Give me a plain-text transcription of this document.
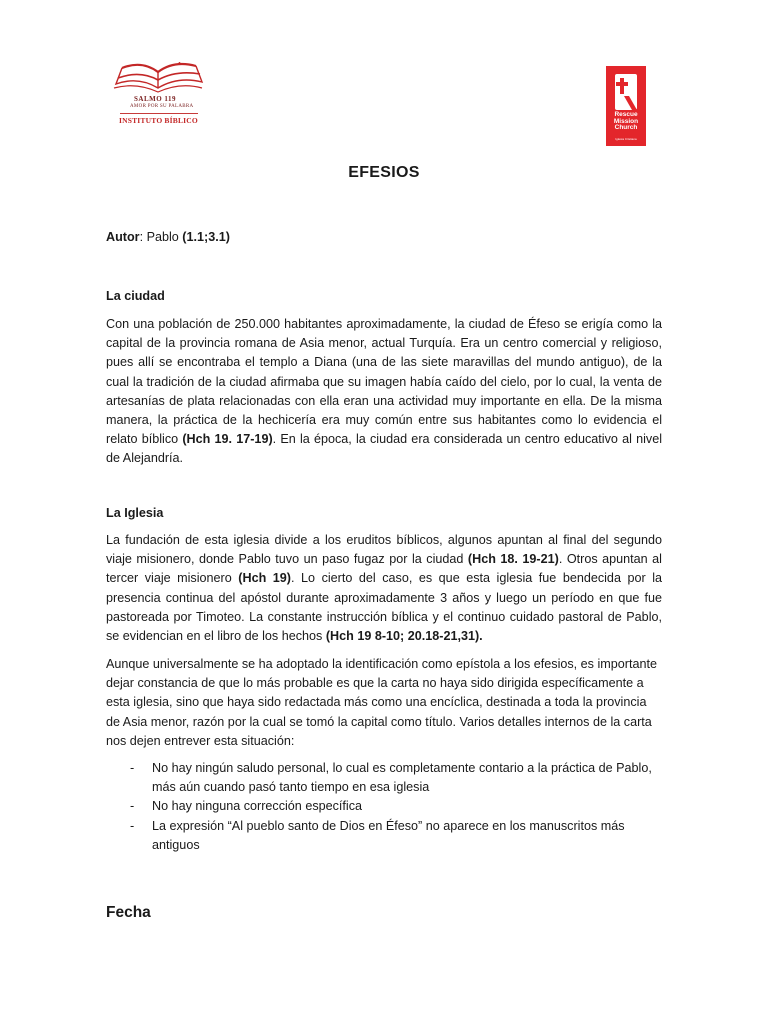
SALMO 119
AMOR POR SU PALABRA
INSTITUTO BÍBLICO
Rescue
Mission
Church
Iglesia Cristiana
EFESIOS
Autor: Pablo (1.1;3.1)
La ciudad
Con una población de 250.000 habitantes aproximadamente, la ciudad de Éfeso se erigía como la capital de la provincia romana de Asia menor, actual Turquía. Era un centro comercial y religioso, pues allí se encontraba el templo a Diana (una de las siete maravillas del mundo antiguo), de la cual la tradición de la ciudad afirmaba que su imagen había caído del cielo, por lo cual, la venta de artesanías de plata relacionadas con ella eran una actividad muy importante en ella. De la misma manera, la práctica de la hechicería era muy común entre sus habitantes como lo evidencia el relato bíblico (Hch 19. 17-19). En la época, la ciudad era considerada un centro educativo al nivel de Alejandría.
La Iglesia
La fundación de esta iglesia divide a los eruditos bíblicos, algunos apuntan al final del segundo viaje misionero, donde Pablo tuvo un paso fugaz por la ciudad (Hch 18. 19-21). Otros apuntan al tercer viaje misionero (Hch 19). Lo cierto del caso, es que esta iglesia fue bendecida por la presencia continua del apóstol durante aproximadamente 3 años y luego un período en que fue pastoreada por Timoteo. La constante instrucción bíblica y el continuo cuidado pastoral de Pablo, se evidencian en el libro de los hechos (Hch 19 8-10; 20.18-21,31).
Aunque universalmente se ha adoptado la identificación como epístola a los efesios, es importante dejar constancia de que lo más probable es que la carta no haya sido dirigida específicamente a esta iglesia, sino que haya sido redactada más como una encíclica, destinada a toda la provincia de Asia menor, razón por la cual se tomó la capital como título. Varios detalles internos de la carta nos dejen entrever esta situación:
- No hay ningún saludo personal, lo cual es completamente contario a la práctica de Pablo, más aún cuando pasó tanto tiempo en esa iglesia
- No hay ninguna corrección específica
- La expresión “Al pueblo santo de Dios en Éfeso” no aparece en los manuscritos más antiguos
Fecha
